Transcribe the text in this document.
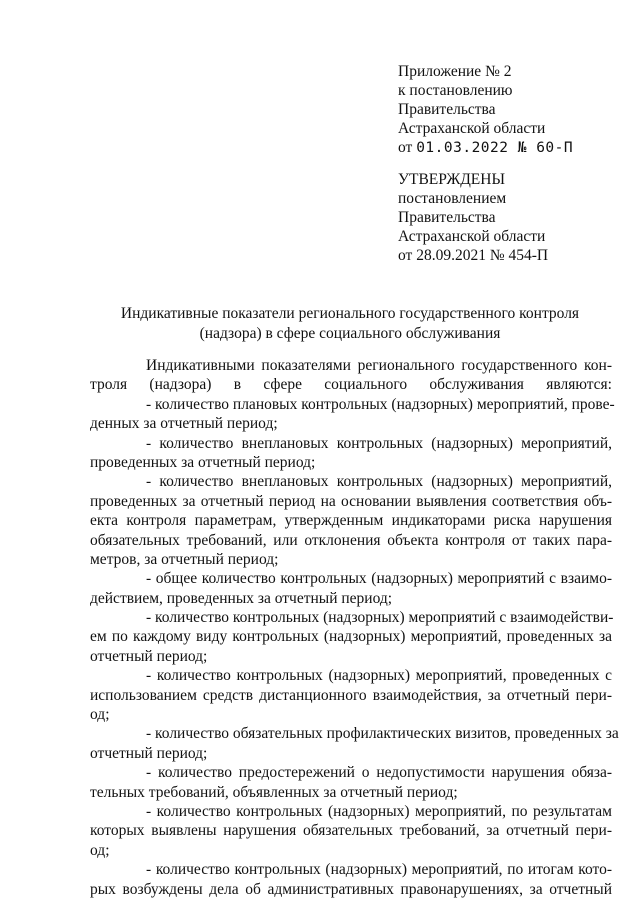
Приложение № 2
к постановлению
Правительства
Астраханской области
от 01.03.2022 № 60-П
УТВЕРЖДЕНЫ
постановлением
Правительства
Астраханской области
от 28.09.2021 № 454-П
Индикативные показатели регионального государственного контроля
(надзора) в сфере социального обслуживания
Индикативными показателями регионального государственного кон-
троля (надзора) в сфере социального обслуживания являются:
- количество плановых контрольных (надзорных) мероприятий, прове-
денных за отчетный период;
- количество внеплановых контрольных (надзорных) мероприятий,
проведенных за отчетный период;
- количество внеплановых контрольных (надзорных) мероприятий,
проведенных за отчетный период на основании выявления соответствия объ-
екта контроля параметрам, утвержденным индикаторами риска нарушения
обязательных требований, или отклонения объекта контроля от таких пара-
метров, за отчетный период;
- общее количество контрольных (надзорных) мероприятий с взаимо-
действием, проведенных за отчетный период;
- количество контрольных (надзорных) мероприятий с взаимодействи-
ем по каждому виду контрольных (надзорных) мероприятий, проведенных за
отчетный период;
- количество контрольных (надзорных) мероприятий, проведенных с
использованием средств дистанционного взаимодействия, за отчетный пери-
од;
- количество обязательных профилактических визитов, проведенных за
отчетный период;
- количество предостережений о недопустимости нарушения обяза-
тельных требований, объявленных за отчетный период;
- количество контрольных (надзорных) мероприятий, по результатам
которых выявлены нарушения обязательных требований, за отчетный пери-
од;
- количество контрольных (надзорных) мероприятий, по итогам кото-
рых возбуждены дела об административных правонарушениях, за отчетный
